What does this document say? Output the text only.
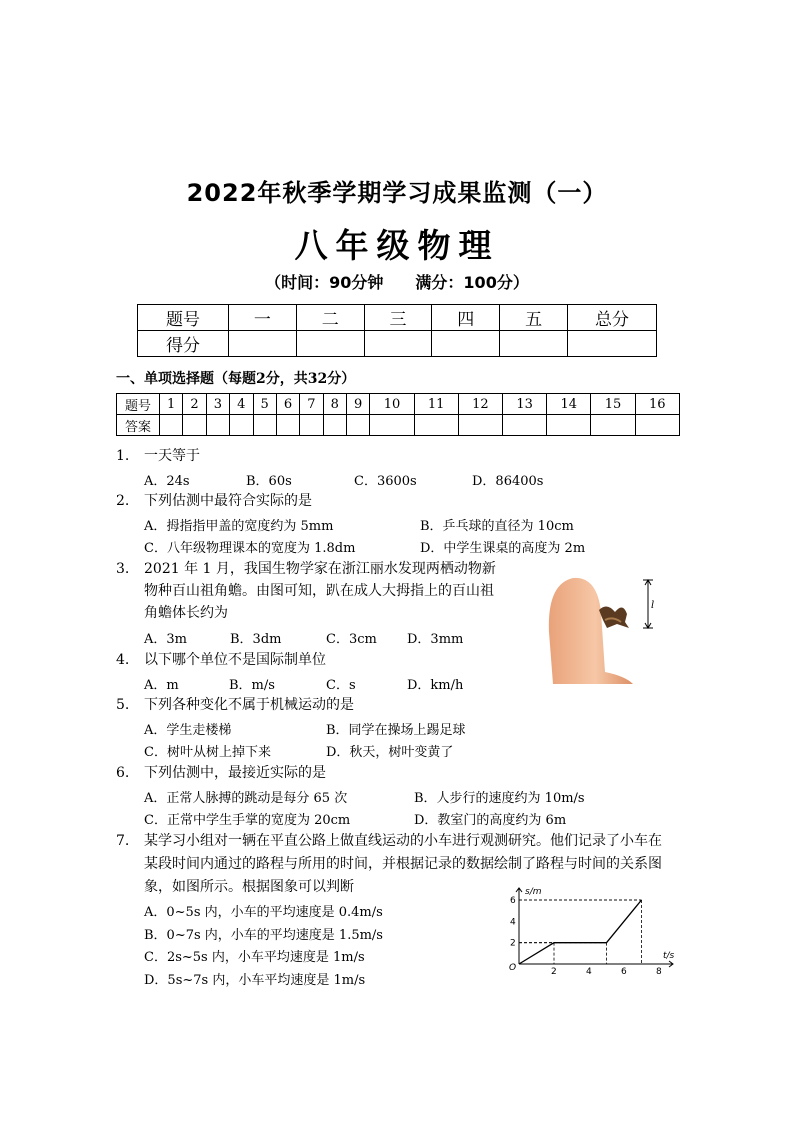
2022年秋季学期学习成果监测（一）
八年级物理
（时间：90分钟　　满分：100分）
题号	一	二	三	四	五	总分
得分						
一、单项选择题（每题2分，共32分）
题号	1	2	3	4	5	6	7	8	9	10	11	12	13	14	15	16
答案																
1. 一天等于
A．24s	B．60s	C．3600s	D．86400s
2. 下列估测中最符合实际的是
A．拇指指甲盖的宽度约为 5mm	B．乒乓球的直径为 10cm
C．八年级物理课本的宽度为 1.8dm	D．中学生课桌的高度为 2m
3. 2021 年 1 月，我国生物学家在浙江丽水发现两栖动物新
物种百山祖角蟾。由图可知，趴在成人大拇指上的百山祖
角蟾体长约为
A．3m	B．3dm	C．3cm D．3mm
l
4. 以下哪个单位不是国际制单位
A．m	B．m/s	C．s	D．km/h
5. 下列各种变化不属于机械运动的是
A．学生走楼梯	B．同学在操场上踢足球
C．树叶从树上掉下来	D．秋天，树叶变黄了
6. 下列估测中，最接近实际的是
A．正常人脉搏的跳动是每分 65 次	B．人步行的速度约为 10m/s
C．正常中学生手掌的宽度为 20cm	D．教室门的高度约为 6m
7. 某学习小组对一辆在平直公路上做直线运动的小车进行观测研究。他们记录了小车在
某段时间内通过的路程与所用的时间，并根据记录的数据绘制了路程与时间的关系图
象，如图所示。根据图象可以判断
A．0~5s 内，小车的平均速度是 0.4m/s
B．0~7s 内，小车的平均速度是 1.5m/s
C．2s~5s 内，小车平均速度是 1m/s
D．5s~7s 内，小车平均速度是 1m/s
s/m
t/s
O	2	4	6	8
2
4
6
